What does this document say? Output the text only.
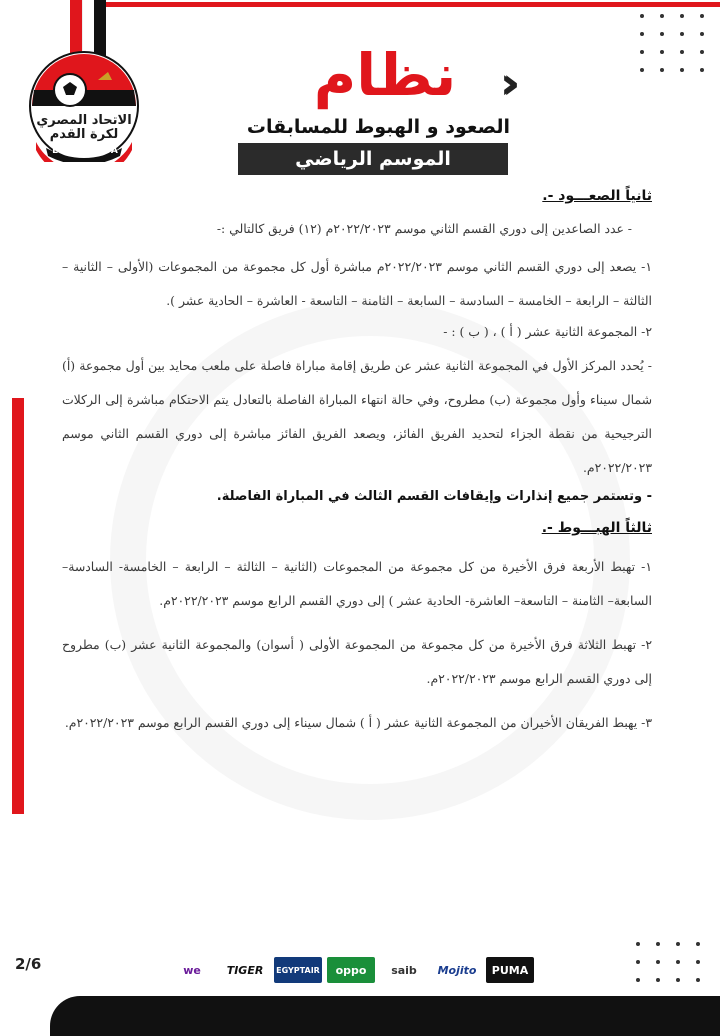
الاتحاد المصري لكرة القدم
EGYPTIAN FA
››
نظام
الصعود و الهبوط للمسابقات
الموسم الرياضي 2021/2022	ثانياً الصعـــود -.

- عدد الصاعدين إلى دوري القسم الثاني موسم ٢٠٢٢/٢٠٢٣م (١٢) فريق كالتالي :-

١- يصعد إلى دوري القسم الثاني موسم ٢٠٢٢/٢٠٢٣م مباشرة أول كل مجموعة من المجموعات (الأولى – الثانية – الثالثة – الرابعة – الخامسة – السادسة – السابعة – الثامنة – التاسعة - العاشرة – الحادية عشر ).

٢- المجموعة الثانية عشر ( أ ) ، ( ب ) : -

- يُحدد المركز الأول في المجموعة الثانية عشر عن طريق إقامة مباراة فاصلة على ملعب محايد بين أول مجموعة (أ) شمال سيناء وأول مجموعة (ب) مطروح، وفي حالة انتهاء المباراة الفاصلة بالتعادل يتم الاحتكام مباشرة إلى الركلات الترجيحية من نقطة الجزاء لتحديد الفريق الفائز، ويصعد الفريق الفائز مباشرة إلى دوري القسم الثاني موسم ٢٠٢٢/٢٠٢٣م.

- وتستمر جميع إنذارات وإيقافات القسم الثالث في المباراة الفاصلة.

ثالثاً الهبـــوط -.

١- تهبط الأربعة فرق الأخيرة من كل مجموعة من المجموعات (الثانية – الثالثة – الرابعة – الخامسة- السادسة– السابعة– الثامنة – التاسعة– العاشرة- الحادية عشر ) إلى دوري القسم الرابع موسم ٢٠٢٢/٢٠٢٣م.

٢- تهبط الثلاثة فرق الأخيرة من كل مجموعة من المجموعة الأولى ( أسوان) والمجموعة الثانية عشر (ب) مطروح إلى دوري القسم الرابع موسم ٢٠٢٢/٢٠٢٣م.

٣- يهبط الفريقان الأخيران من المجموعة الثانية عشر ( أ ) شمال سيناء إلى دوري القسم الرابع موسم ٢٠٢٢/٢٠٢٣م.

2/6	PUMA
Mojito
saib
oppo
EGYPTAIR
TIGER
we
